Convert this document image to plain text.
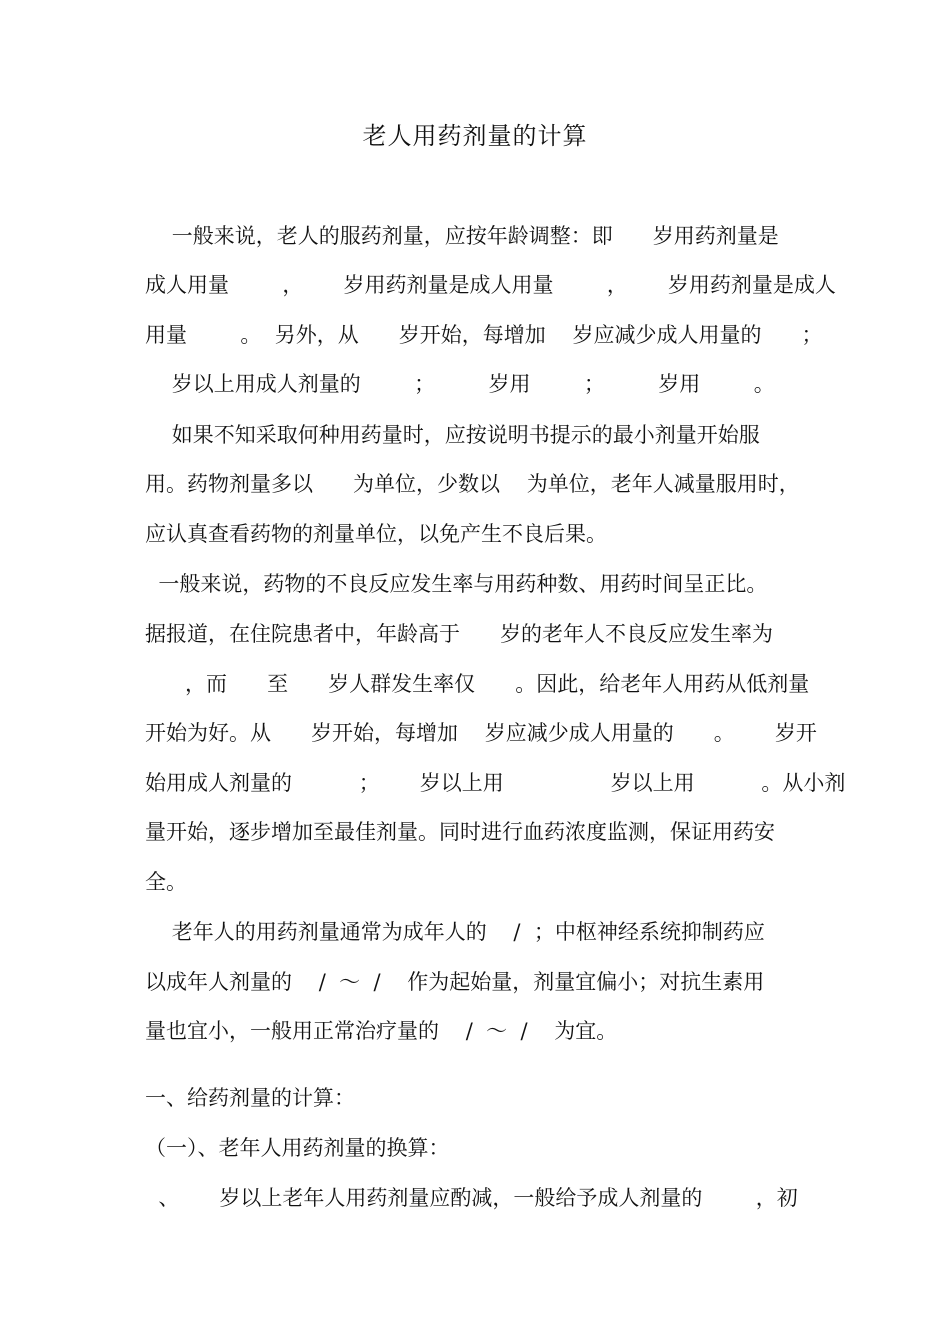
老人用药剂量的计算
一般来说，老人的服药剂量，应按年龄调整：即      岁用药剂量是
成人用量        ，      岁用药剂量是成人用量        ，      岁用药剂量是成人
用量        。  另外，从      岁开始，每增加    岁应减少成人用量的      ；
岁以上用成人剂量的        ；        岁用        ；        岁用        。
如果不知采取何种用药量时，应按说明书提示的最小剂量开始服
用。药物剂量多以      为单位，少数以    为单位，老年人减量服用时，
应认真查看药物的剂量单位，以免产生不良后果。
一般来说，药物的不良反应发生率与用药种数、用药时间呈正比。
据报道，在住院患者中，年龄高于      岁的老年人不良反应发生率为
，而      至      岁人群发生率仅      。因此，给老年人用药从低剂量
开始为好。从      岁开始，每增加    岁应减少成人用量的      。      岁开
始用成人剂量的          ；      岁以上用                岁以上用          。从小剂
量开始，逐步增加至最佳剂量。同时进行血药浓度监测，保证用药安
全。
老年人的用药剂量通常为成年人的    /  ；中枢神经系统抑制药应
以成年人剂量的    /  ～  /    作为起始量，剂量宜偏小；对抗生素用
量也宜小，一般用正常治疗量的    /  ～  /    为宜。
一、给药剂量的计算：
（一）、老年人用药剂量的换算：
、      岁以上老年人用药剂量应酌减，一般给予成人剂量的        ，初
